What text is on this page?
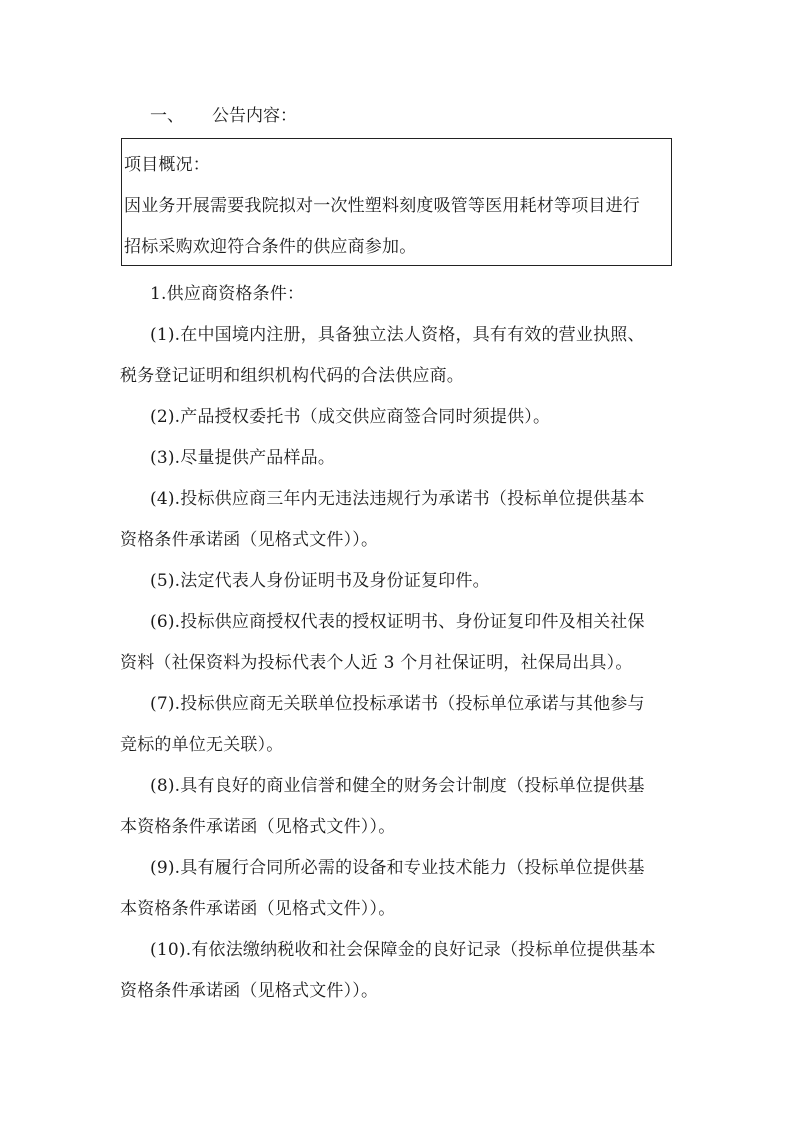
一、 公告内容：
项目概况：
因业务开展需要我院拟对一次性塑料刻度吸管等医用耗材等项目进行
招标采购欢迎符合条件的供应商参加。
1.供应商资格条件：
(1).在中国境内注册，具备独立法人资格，具有有效的营业执照、
税务登记证明和组织机构代码的合法供应商。
(2).产品授权委托书（成交供应商签合同时须提供）。
(3).尽量提供产品样品。
(4).投标供应商三年内无违法违规行为承诺书（投标单位提供基本
资格条件承诺函（见格式文件））。
(5).法定代表人身份证明书及身份证复印件。
(6).投标供应商授权代表的授权证明书、身份证复印件及相关社保
资料（社保资料为投标代表个人近 3 个月社保证明，社保局出具）。
(7).投标供应商无关联单位投标承诺书（投标单位承诺与其他参与
竞标的单位无关联）。
(8).具有良好的商业信誉和健全的财务会计制度（投标单位提供基
本资格条件承诺函（见格式文件））。
(9).具有履行合同所必需的设备和专业技术能力（投标单位提供基
本资格条件承诺函（见格式文件））。
(10).有依法缴纳税收和社会保障金的良好记录（投标单位提供基本
资格条件承诺函（见格式文件））。
